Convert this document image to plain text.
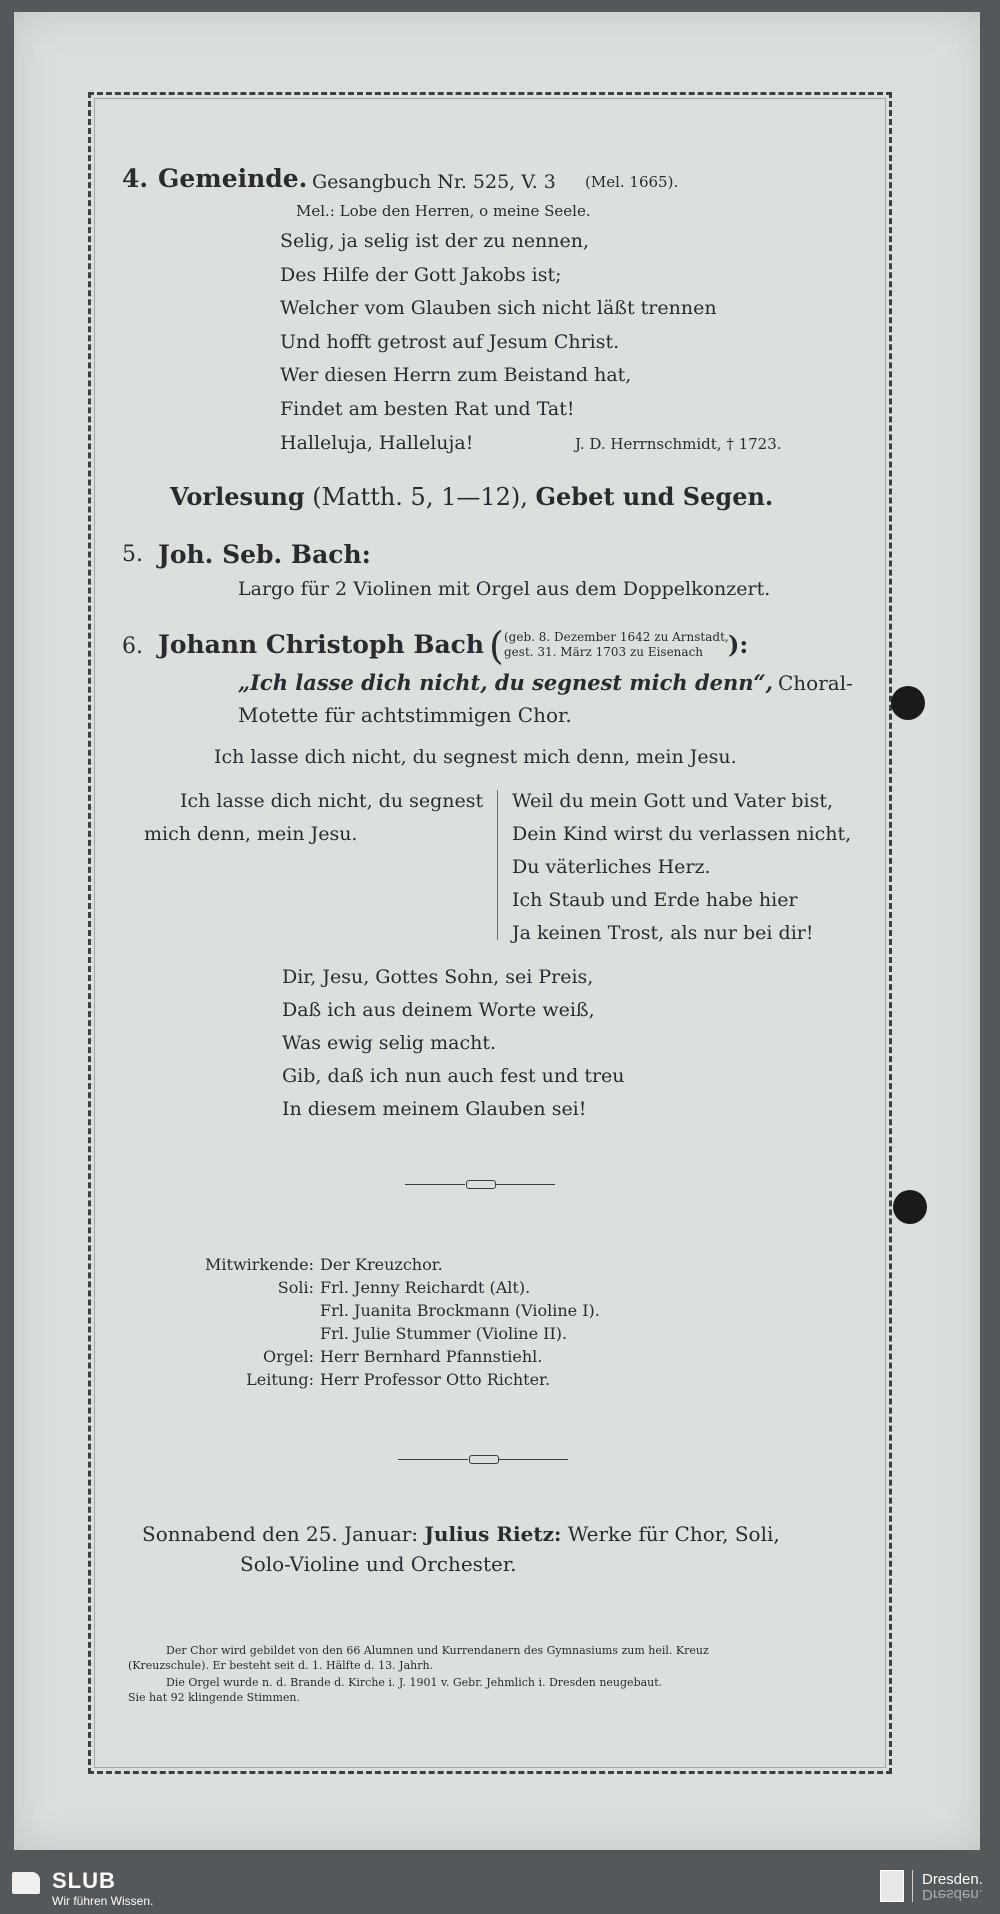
4. Gemeinde. Gesangbuch Nr. 525, V. 3 (Mel. 1665).
Mel.: Lobe den Herren, o meine Seele.
Selig, ja selig ist der zu nennen,
Des Hilfe der Gott Jakobs ist;
Welcher vom Glauben sich nicht läßt trennen
Und hofft getrost auf Jesum Christ.
Wer diesen Herrn zum Beistand hat,
Findet am besten Rat und Tat!
Halleluja, Halleluja!	J. D. Herrnschmidt, † 1723.
Vorlesung (Matth. 5, 1—12), Gebet und Segen.
5. Joh. Seb. Bach:
Largo für 2 Violinen mit Orgel aus dem Doppelkonzert.
6. Johann Christoph Bach ( (geb. 8. Dezember 1642 zu Arnstadt,
gest. 31. März 1703 zu Eisenach ):
„Ich lasse dich nicht, du segnest mich denn“, Choral-
Motette für achtstimmigen Chor.
Ich lasse dich nicht, du segnest mich denn, mein Jesu.
Ich lasse dich nicht, du segnest
mich denn, mein Jesu.
Weil du mein Gott und Vater bist,
Dein Kind wirst du verlassen nicht,
Du väterliches Herz.
Ich Staub und Erde habe hier
Ja keinen Trost, als nur bei dir!
Dir, Jesu, Gottes Sohn, sei Preis,
Daß ich aus deinem Worte weiß,
Was ewig selig macht.
Gib, daß ich nun auch fest und treu
In diesem meinem Glauben sei!
Mitwirkende: Der Kreuzchor.
Soli: Frl. Jenny Reichardt (Alt).
Frl. Juanita Brockmann (Violine I).
Frl. Julie Stummer (Violine II).
Orgel: Herr Bernhard Pfannstiehl.
Leitung: Herr Professor Otto Richter.
Sonnabend den 25. Januar: Julius Rietz: Werke für Chor, Soli,
Solo-Violine und Orchester.
Der Chor wird gebildet von den 66 Alumnen und Kurrendanern des Gymnasiums zum heil. Kreuz
(Kreuzschule). Er besteht seit d. 1. Hälfte d. 13. Jahrh.
Die Orgel wurde n. d. Brande d. Kirche i. J. 1901 v. Gebr. Jehmlich i. Dresden neugebaut.
Sie hat 92 klingende Stimmen.
SLUB
Wir führen Wissen.
Dresden.
Dresden.
